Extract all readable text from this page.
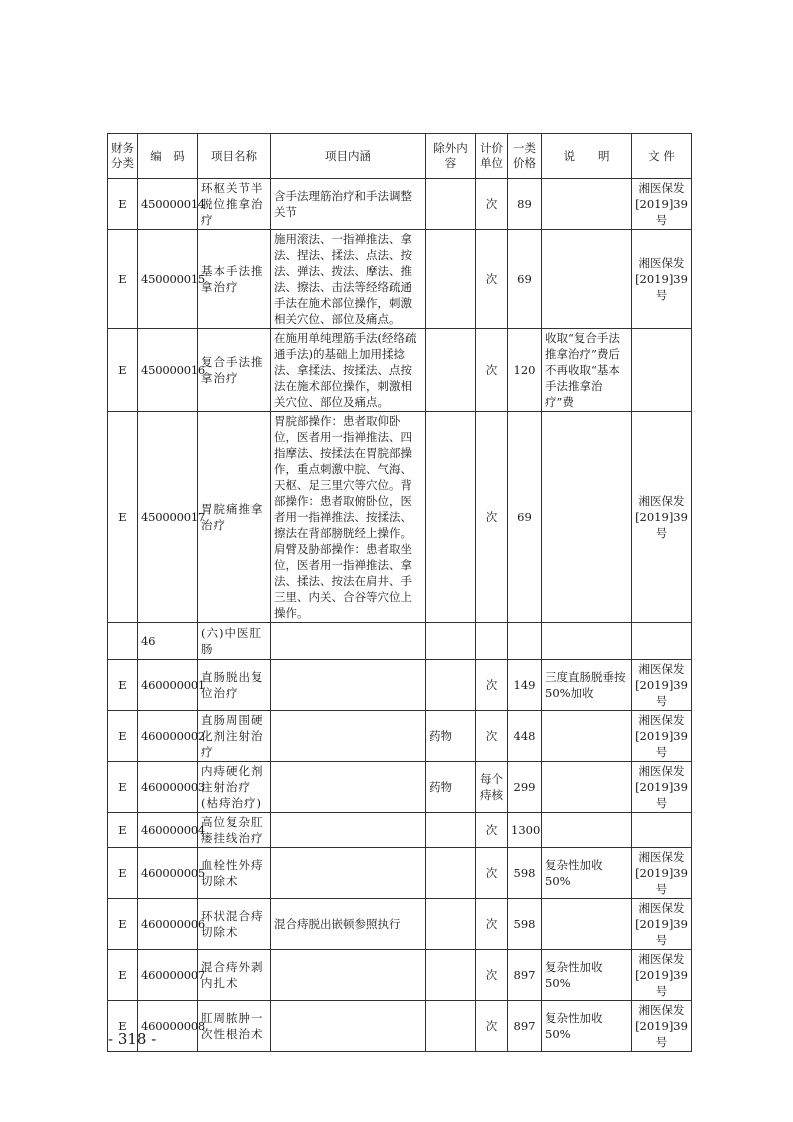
财务分类	编　码	项目名称	项目内涵	除外内容	计价单位	一类价格	说　　明	文 件
E	450000014	环枢关节半脱位推拿治疗	含手法理筋治疗和手法调整关节		次	89		湘医保发[2019]39号
E	450000015	基本手法推拿治疗	施用滚法、一指禅推法、拿法、捏法、揉法、点法、按法、弹法、拨法、摩法、推法、擦法、击法等经络疏通手法在施术部位操作，刺激相关穴位、部位及痛点。		次	69		湘医保发[2019]39号
E	450000016	复合手法推拿治疗	在施用单纯理筋手法(经络疏通手法)的基础上加用揉捻法、拿揉法、按揉法、点按法在施术部位操作，刺激相关穴位、部位及痛点。		次	120	收取“复合手法推拿治疗”费后不再收取“基本手法推拿治疗”费	
E	450000017	胃脘痛推拿治疗	胃脘部操作：患者取仰卧位，医者用一指禅推法、四指摩法、按揉法在胃脘部操作，重点刺激中脘、气海、天枢、足三里穴等穴位。背部操作：患者取俯卧位，医者用一指禅推法、按揉法、擦法在背部膀胱经上操作。肩臂及胁部操作：患者取坐位，医者用一指禅推法、拿法、揉法、按法在肩井、手三里、内关、合谷等穴位上操作。		次	69		湘医保发[2019]39号
	46	(六)中医肛肠						
E	460000001	直肠脱出复位治疗			次	149	三度直肠脱垂按50%加收	湘医保发[2019]39号
E	460000002	直肠周围硬化剂注射治疗		药物	次	448		湘医保发[2019]39号
E	460000003	内痔硬化剂注射治疗(枯痔治疗)		药物	每个痔核	299		湘医保发[2019]39号
E	460000004	高位复杂肛瘘挂线治疗			次	1300		
E	460000005	血栓性外痔切除术			次	598	复杂性加收 50%	湘医保发[2019]39号
E	460000006	环状混合痔切除术	混合痔脱出嵌顿参照执行		次	598		湘医保发[2019]39号
E	460000007	混合痔外剥内扎术			次	897	复杂性加收 50%	湘医保发[2019]39号
E	460000008	肛周脓肿一次性根治术			次	897	复杂性加收 50%	湘医保发[2019]39号
- 318 -
